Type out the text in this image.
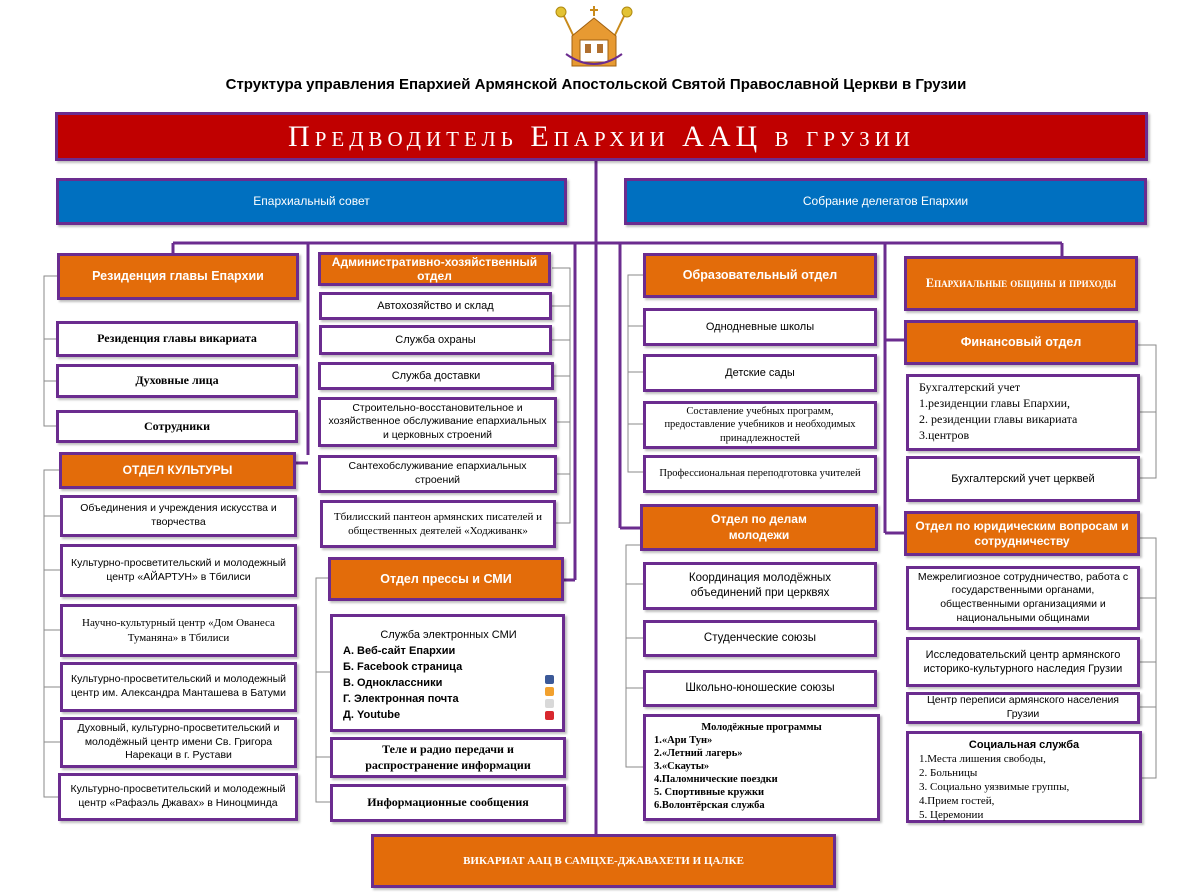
Структура управления Епархией Армянской Апостольской Святой Православной Церкви в Грузии
Предводитель Епархии ААЦ в грузии
Епархиальный совет	Собрание делегатов Епархии
Резиденция главы Епархии
Резиденция главы викариата
Духовные лица
Сотрудники
ОТДЕЛ КУЛЬТУРЫ
Объединения и учреждения искусства и творчества
Культурно-просветительский и молодежный центр «АЙАРТУН» в Тбилиси
Научно-культурный центр «Дом Ованеса Туманяна» в Тбилиси
Культурно-просветительский и молодежный центр им. Александра Манташева в Батуми
Духовный, культурно-просветительский и молодёжный центр имени Св. Григора Нарекаци в г. Рустави
Культурно-просветительский и молодежный центр «Рафаэль Джавах» в Ниноцминда
Административно-хозяйственный отдел
Автохозяйство и склад
Служба охраны
Служба доставки
Строительно-восстановительное и хозяйственное обслуживание епархиальных и церковных строений
Сантехобслуживание епархиальных строений
Тбилисский пантеон армянских писателей и общественных деятелей «Ходживанк»
Отдел прессы и СМИ
Служба электронных СМИ
А. Веб-сайт Епархии
Б. Facebook страница
В. Одноклассники
Г. Электронная почта
Д. Youtube
Теле и радио передачи и распространение информации
Информационные сообщения
Образовательный отдел
Однодневные школы
Детские сады
Составление учебных программ, предоставление учебников и необходимых принадлежностей
Профессиональная переподготовка учителей
Отдел по делам молодежи
Координация молодёжных объединений при церквях
Студенческие союзы
Школьно-юношеские союзы
Молодёжные программы
1.«Ари Тун»
2.«Летний лагерь»
3.«Скауты»
4.Паломнические поездки
5. Спортивные кружки
6.Волонтёрская служба
Епархиальные общины и приходы
Финансовый отдел
Бухгалтерский учет
1.резиденции главы Епархии,
2. резиденции главы викариата
3.центров
Бухгалтерский учет церквей
Отдел по юридическим вопросам и сотрудничеству
Межрелигиозное сотрудничество, работа с государственными органами, общественными организациями и национальными общинами
Исследовательский центр армянского историко-культурного наследия Грузии
Центр переписи армянского населения Грузии
Социальная служба
1.Места лишения свободы,
2. Больницы
3. Социально уязвимые группы,
4.Прием гостей,
5. Церемонии
ВИКАРИАТ ААЦ В САМЦХЕ-ДЖАВАХЕТИ И ЦАЛКЕ
